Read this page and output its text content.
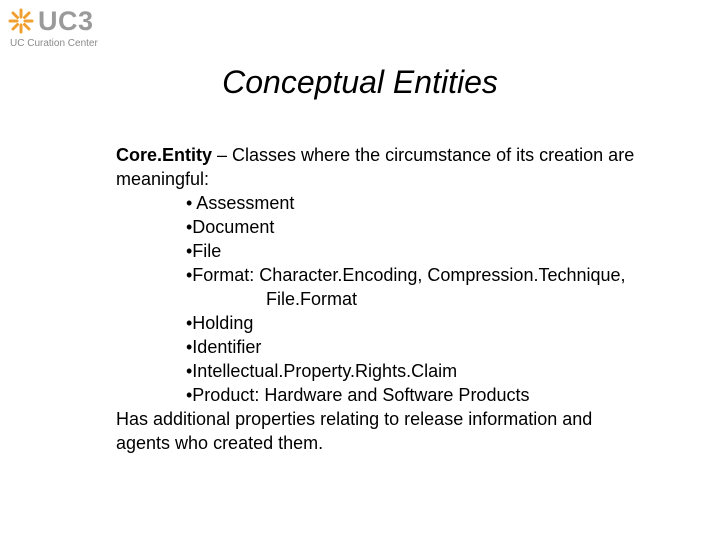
UC3
UC Curation Center
Conceptual Entities
Core.Entity – Classes where the circumstance of its creation are
meaningful:
• Assessment
•Document
•File
•Format: Character.Encoding, Compression.Technique,
File.Format
•Holding
•Identifier
•Intellectual.Property.Rights.Claim
•Product: Hardware and Software Products
Has additional properties relating to release information and
agents who created them.
